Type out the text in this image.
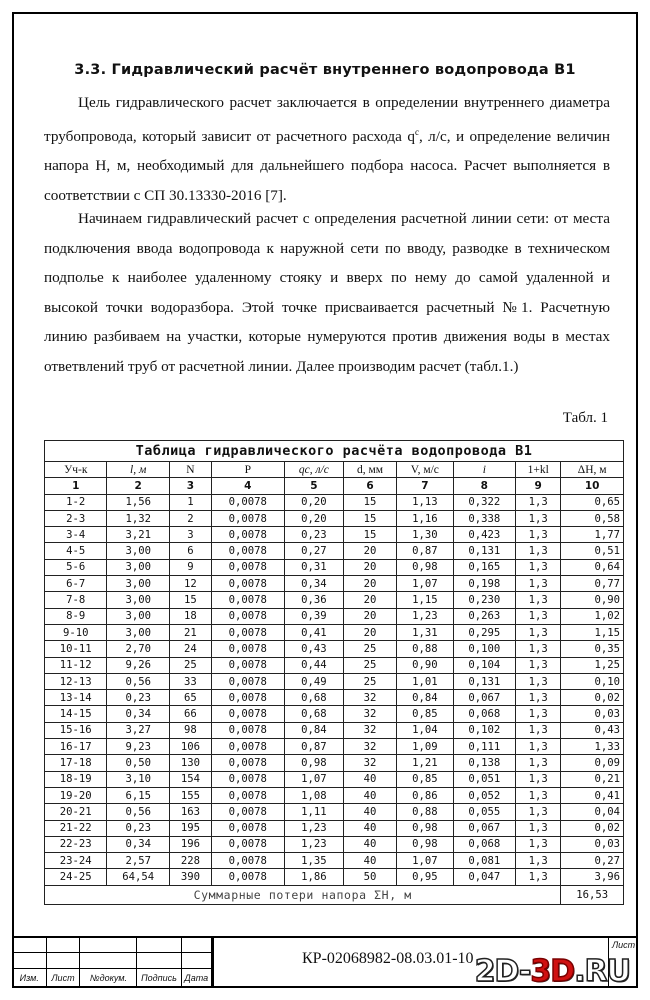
3.3. Гидравлический расчёт внутреннего водопровода В1
Цель гидравлического расчет заключается в определении внутреннего диаметра трубопровода, который зависит от расчетного расхода $q^c$, л/с, и определение величин напора Н, м, необходимый для дальнейшего подбора насоса. Расчет выполняется в соответствии с СП 30.13330-2016 [7].
Начинаем гидравлический расчет с определения расчетной линии сети: от места подключения ввода водопровода к наружной сети по вводу, разводке в техническом подполье к наиболее удаленному стояку и вверх по нему до самой удаленной и высокой точки водоразбора. Этой точке присваивается расчетный №1. Расчетную линию разбиваем на участки, которые нумеруются против движения воды в местах ответвлений труб от расчетной линии. Далее производим расчет (табл.1.)
Табл. 1
Таблица гидравлического расчёта водопровода В1									
Уч-к	l, м	N	P	qc, л/с	d, мм	V, м/с	i	1+kl	ΔH, м
1	2	3	4	5	6	7	8	9	10
1-2	1,56	1	0,0078	0,20	15	1,13	0,322	1,3	0,65
2-3	1,32	2	0,0078	0,20	15	1,16	0,338	1,3	0,58
3-4	3,21	3	0,0078	0,23	15	1,30	0,423	1,3	1,77
4-5	3,00	6	0,0078	0,27	20	0,87	0,131	1,3	0,51
5-6	3,00	9	0,0078	0,31	20	0,98	0,165	1,3	0,64
6-7	3,00	12	0,0078	0,34	20	1,07	0,198	1,3	0,77
7-8	3,00	15	0,0078	0,36	20	1,15	0,230	1,3	0,90
8-9	3,00	18	0,0078	0,39	20	1,23	0,263	1,3	1,02
9-10	3,00	21	0,0078	0,41	20	1,31	0,295	1,3	1,15
10-11	2,70	24	0,0078	0,43	25	0,88	0,100	1,3	0,35
11-12	9,26	25	0,0078	0,44	25	0,90	0,104	1,3	1,25
12-13	0,56	33	0,0078	0,49	25	1,01	0,131	1,3	0,10
13-14	0,23	65	0,0078	0,68	32	0,84	0,067	1,3	0,02
14-15	0,34	66	0,0078	0,68	32	0,85	0,068	1,3	0,03
15-16	3,27	98	0,0078	0,84	32	1,04	0,102	1,3	0,43
16-17	9,23	106	0,0078	0,87	32	1,09	0,111	1,3	1,33
17-18	0,50	130	0,0078	0,98	32	1,21	0,138	1,3	0,09
18-19	3,10	154	0,0078	1,07	40	0,85	0,051	1,3	0,21
19-20	6,15	155	0,0078	1,08	40	0,86	0,052	1,3	0,41
20-21	0,56	163	0,0078	1,11	40	0,88	0,055	1,3	0,04
21-22	0,23	195	0,0078	1,23	40	0,98	0,067	1,3	0,02
22-23	0,34	196	0,0078	1,23	40	0,98	0,068	1,3	0,03
23-24	2,57	228	0,0078	1,35	40	1,07	0,081	1,3	0,27
24-25	64,54	390	0,0078	1,86	50	0,95	0,047	1,3	3,96
Суммарные потери напора ΣH, м									16,53

Изм.	Лист	№докум.	Подпись	Дата
КР-02068982-08.03.01-10
Лист
2D-3D.RU
